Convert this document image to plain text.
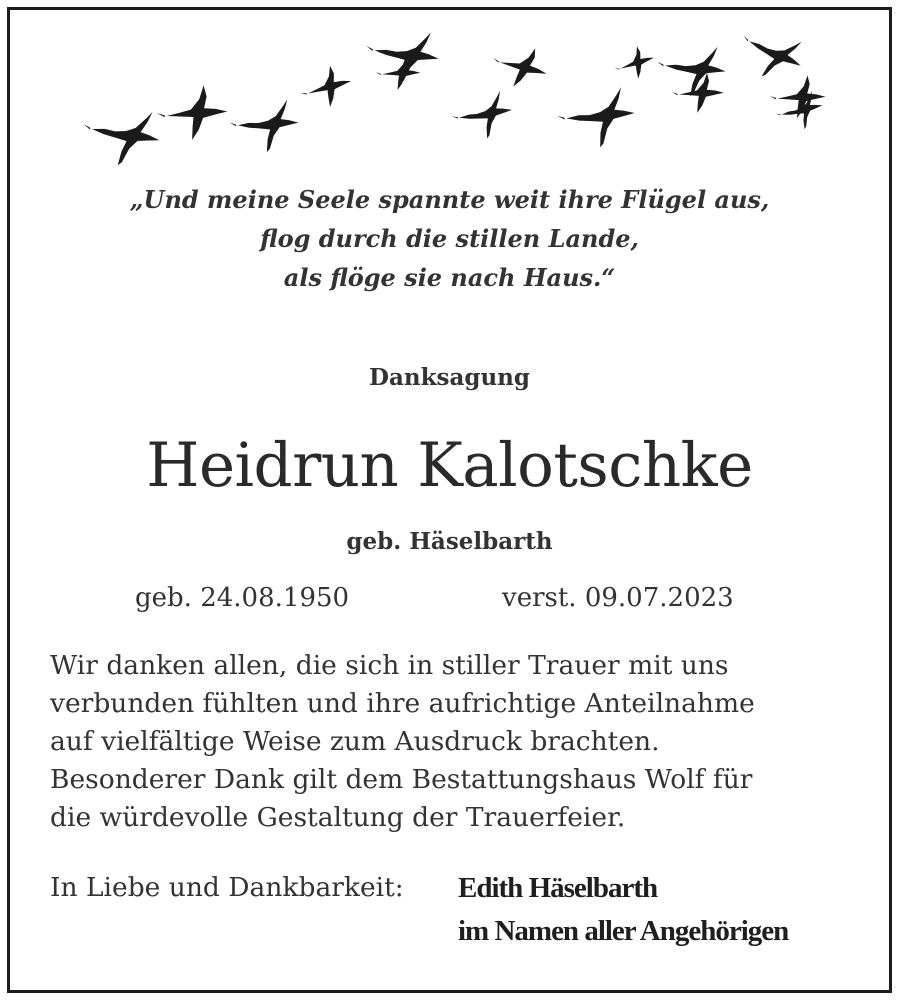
„Und meine Seele spannte weit ihre Flügel aus,
flog durch die stillen Lande,
als flöge sie nach Haus.“
Danksagung
Heidrun Kalotschke
geb. Häselbarth
geb. 24.08.1950	verst. 09.07.2023
Wir danken allen, die sich in stiller Trauer mit uns
verbunden fühlten und ihre aufrichtige Anteilnahme
auf vielfältige Weise zum Ausdruck brachten.
Besonderer Dank gilt dem Bestattungshaus Wolf für
die würdevolle Gestaltung der Trauerfeier.
In Liebe und Dankbarkeit: Edith Häselbarth
im Namen aller Angehörigen
